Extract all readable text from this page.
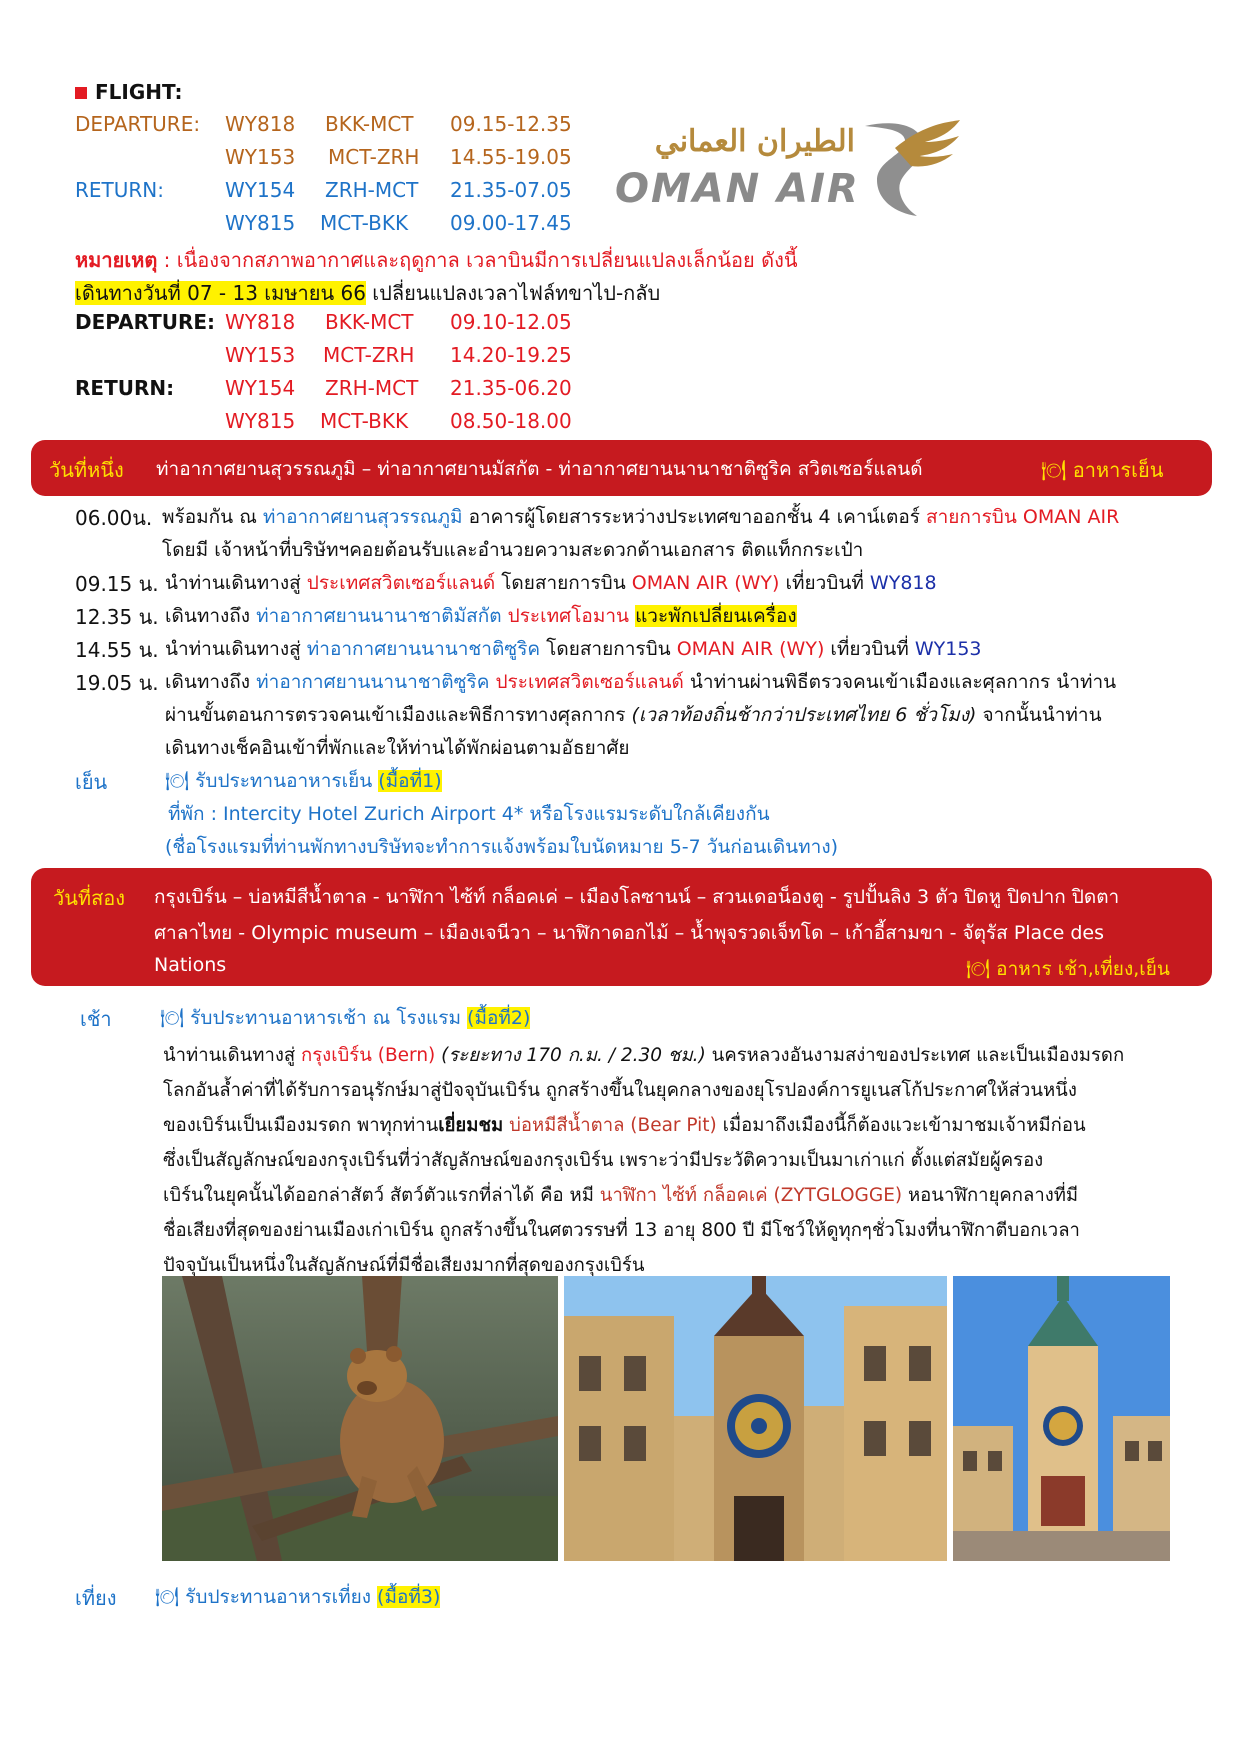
FLIGHT:
DEPARTURE: WY818 BKK-MCT 09.15-12.35
WY153 MCT-ZRH 14.55-19.05
RETURN:	WY154 ZRH-MCT 21.35-07.05
WY815 MCT-BKK 09.00-17.45
الطيران العماني
OMAN AIR
หมายเหตุ : เนื่องจากสภาพอากาศและฤดูกาล เวลาบินมีการเปลี่ยนแปลงเล็กน้อย ดังนี้
เดินทางวันที่ 07 - 13 เมษายน 66 เปลี่ยนแปลงเวลาไฟล์ทขาไป-กลับ
DEPARTURE: WY818 BKK-MCT 09.10-12.05
WY153 MCT-ZRH 14.20-19.25
RETURN:	WY154 ZRH-MCT 21.35-06.20
WY815 MCT-BKK 08.50-18.00
วันที่หนึ่ง ท่าอากาศยานสุวรรณภูมิ – ท่าอากาศยานมัสกัต - ท่าอากาศยานนานาชาติซูริค สวิตเซอร์แลนด์	🍽 อาหารเย็น
06.00น. พร้อมกัน ณ ท่าอากาศยานสุวรรณภูมิ อาคารผู้โดยสารระหว่างประเทศขาออกชั้น 4 เคาน์เตอร์ สายการบิน OMAN AIR
โดยมี เจ้าหน้าที่บริษัทฯคอยต้อนรับและอำนวยความสะดวกด้านเอกสาร ติดแท็กกระเป๋า
09.15 น. นำท่านเดินทางสู่ ประเทศสวิตเซอร์แลนด์ โดยสายการบิน OMAN AIR (WY) เที่ยวบินที่ WY818
12.35 น. เดินทางถึง ท่าอากาศยานนานาชาติมัสกัต ประเทศโอมาน แวะพักเปลี่ยนเครื่อง
14.55 น. นำท่านเดินทางสู่ ท่าอากาศยานนานาชาติซูริค โดยสายการบิน OMAN AIR (WY) เที่ยวบินที่ WY153
19.05 น. เดินทางถึง ท่าอากาศยานนานาชาติซูริค ประเทศสวิตเซอร์แลนด์ นำท่านผ่านพิธีตรวจคนเข้าเมืองและศุลกากร นำท่าน
ผ่านขั้นตอนการตรวจคนเข้าเมืองและพิธีการทางศุลกากร (เวลาท้องถิ่นช้ากว่าประเทศไทย 6 ชั่วโมง) จากนั้นนำท่าน
เดินทางเช็คอินเข้าที่พักและให้ท่านได้พักผ่อนตามอัธยาศัย
เย็น	🍽 รับประทานอาหารเย็น (มื้อที่1)
ที่พัก : Intercity Hotel Zurich Airport 4* หรือโรงแรมระดับใกล้เคียงกัน
(ชื่อโรงแรมที่ท่านพักทางบริษัทจะทำการแจ้งพร้อมใบนัดหมาย 5-7 วันก่อนเดินทาง)
วันที่สอง กรุงเบิร์น – บ่อหมีสีน้ำตาล - นาฬิกา ไซ้ท์ กล็อคเค่ – เมืองโลซานน์ – สวนเดอน็องตู - รูปปั้นลิง 3 ตัว ปิดหู ปิดปาก ปิดตา
ศาลาไทย - Olympic museum – เมืองเจนีวา – นาฬิกาดอกไม้ – น้ำพุจรวดเจ็ทโด – เก้าอี้สามขา - จัตุรัส Place des
Nations	🍽 อาหาร เช้า,เที่ยง,เย็น
เช้า	🍽 รับประทานอาหารเช้า ณ โรงแรม (มื้อที่2)
นำท่านเดินทางสู่ กรุงเบิร์น (Bern) (ระยะทาง 170 ก.ม. / 2.30 ชม.) นครหลวงอันงามสง่าของประเทศ และเป็นเมืองมรดก
โลกอันล้ำค่าที่ได้รับการอนุรักษ์มาสู่ปัจจุบันเบิร์น ถูกสร้างขึ้นในยุคกลางของยุโรปองค์การยูเนสโก้ประกาศให้ส่วนหนึ่ง
ของเบิร์นเป็นเมืองมรดก พาทุกท่านเยี่ยมชม บ่อหมีสีน้ำตาล (Bear Pit) เมื่อมาถึงเมืองนี้ก็ต้องแวะเข้ามาชมเจ้าหมีก่อน
ซึ่งเป็นสัญลักษณ์ของกรุงเบิร์นที่ว่าสัญลักษณ์ของกรุงเบิร์น เพราะว่ามีประวัติความเป็นมาเก่าแก่ ตั้งแต่สมัยผู้ครอง
เบิร์นในยุคนั้นได้ออกล่าสัตว์ สัตว์ตัวแรกที่ล่าได้ คือ หมี นาฬิกา ไซ้ท์ กล็อคเค่ (ZYTGLOGGE) หอนาฬิกายุคกลางที่มี
ชื่อเสียงที่สุดของย่านเมืองเก่าเบิร์น ถูกสร้างขึ้นในศตวรรษที่ 13 อายุ 800 ปี มีโชว์ให้ดูทุกๆชั่วโมงที่นาฬิกาตีบอกเวลา
ปัจจุบันเป็นหนึ่งในสัญลักษณ์ที่มีชื่อเสียงมากที่สุดของกรุงเบิร์น
เที่ยง 🍽 รับประทานอาหารเที่ยง (มื้อที่3)
